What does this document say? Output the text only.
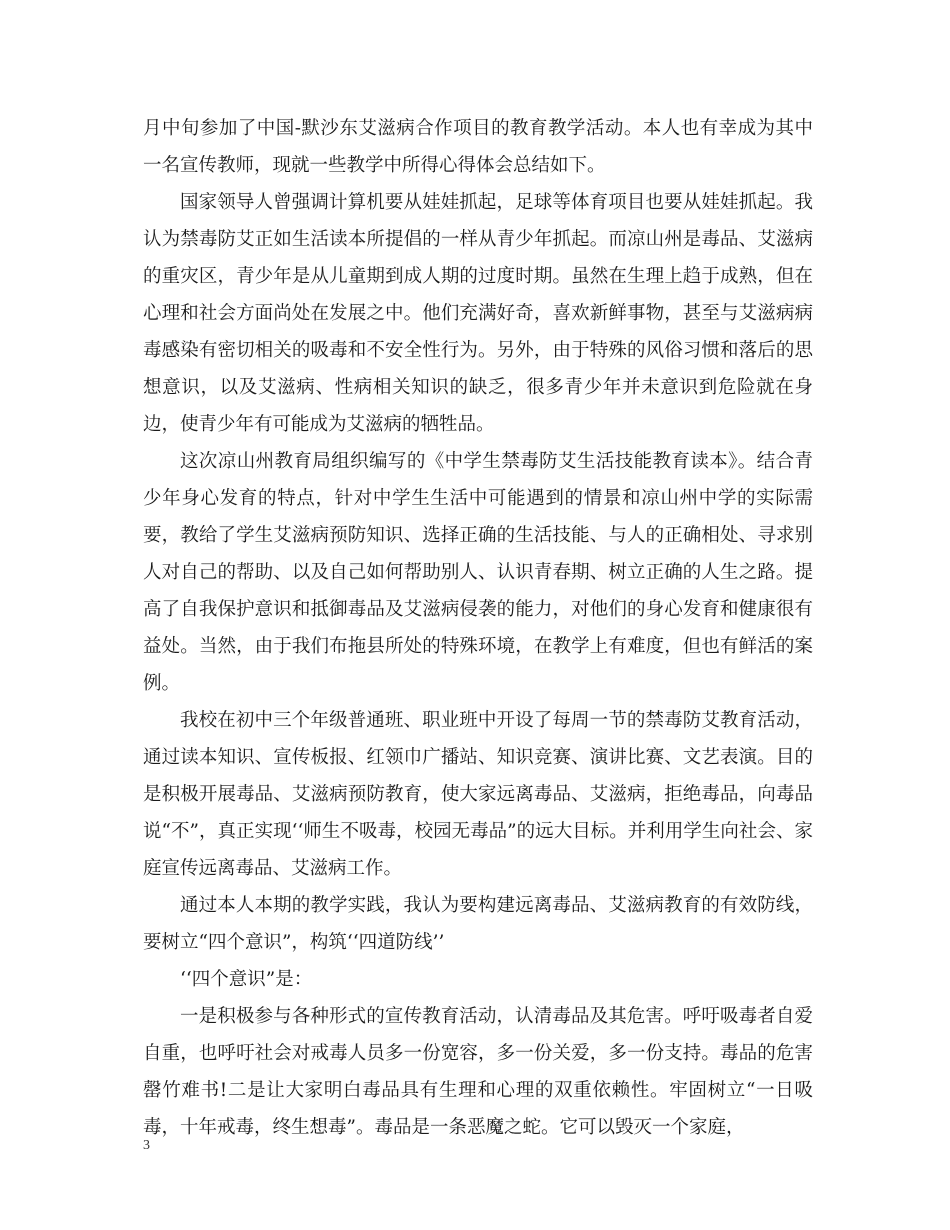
月中旬参加了中国-默沙东艾滋病合作项目的教育教学活动。本人也有幸成为其中一名宣传教师，现就一些教学中所得心得体会总结如下。

国家领导人曾强调计算机要从娃娃抓起，足球等体育项目也要从娃娃抓起。我认为禁毒防艾正如生活读本所提倡的一样从青少年抓起。而凉山州是毒品、艾滋病的重灾区，青少年是从儿童期到成人期的过度时期。虽然在生理上趋于成熟，但在心理和社会方面尚处在发展之中。他们充满好奇，喜欢新鲜事物，甚至与艾滋病病毒感染有密切相关的吸毒和不安全性行为。另外，由于特殊的风俗习惯和落后的思想意识，以及艾滋病、性病相关知识的缺乏，很多青少年并未意识到危险就在身边，使青少年有可能成为艾滋病的牺牲品。

这次凉山州教育局组织编写的《中学生禁毒防艾生活技能教育读本》。结合青少年身心发育的特点，针对中学生生活中可能遇到的情景和凉山州中学的实际需要，教给了学生艾滋病预防知识、选择正确的生活技能、与人的正确相处、寻求别人对自己的帮助、以及自己如何帮助别人、认识青春期、树立正确的人生之路。提高了自我保护意识和抵御毒品及艾滋病侵袭的能力，对他们的身心发育和健康很有益处。当然，由于我们布拖县所处的特殊环境，在教学上有难度，但也有鲜活的案例。

我校在初中三个年级普通班、职业班中开设了每周一节的禁毒防艾教育活动，通过读本知识、宣传板报、红领巾广播站、知识竞赛、演讲比赛、文艺表演。目的是积极开展毒品、艾滋病预防教育，使大家远离毒品、艾滋病，拒绝毒品，向毒品说“不”，真正实现‘‘师生不吸毒，校园无毒品”的远大目标。并利用学生向社会、家庭宣传远离毒品、艾滋病工作。

通过本人本期的教学实践，我认为要构建远离毒品、艾滋病教育的有效防线，要树立“四个意识”，构筑‘‘四道防线’’

‘‘四个意识”是：

一是积极参与各种形式的宣传教育活动，认清毒品及其危害。呼吁吸毒者自爱自重，也呼吁社会对戒毒人员多一份宽容，多一份关爱，多一份支持。毒品的危害罄竹难书!二是让大家明白毒品具有生理和心理的双重依赖性。牢固树立“一日吸毒，十年戒毒，终生想毒”。毒品是一条恶魔之蛇。它可以毁灭一个家庭，

3
